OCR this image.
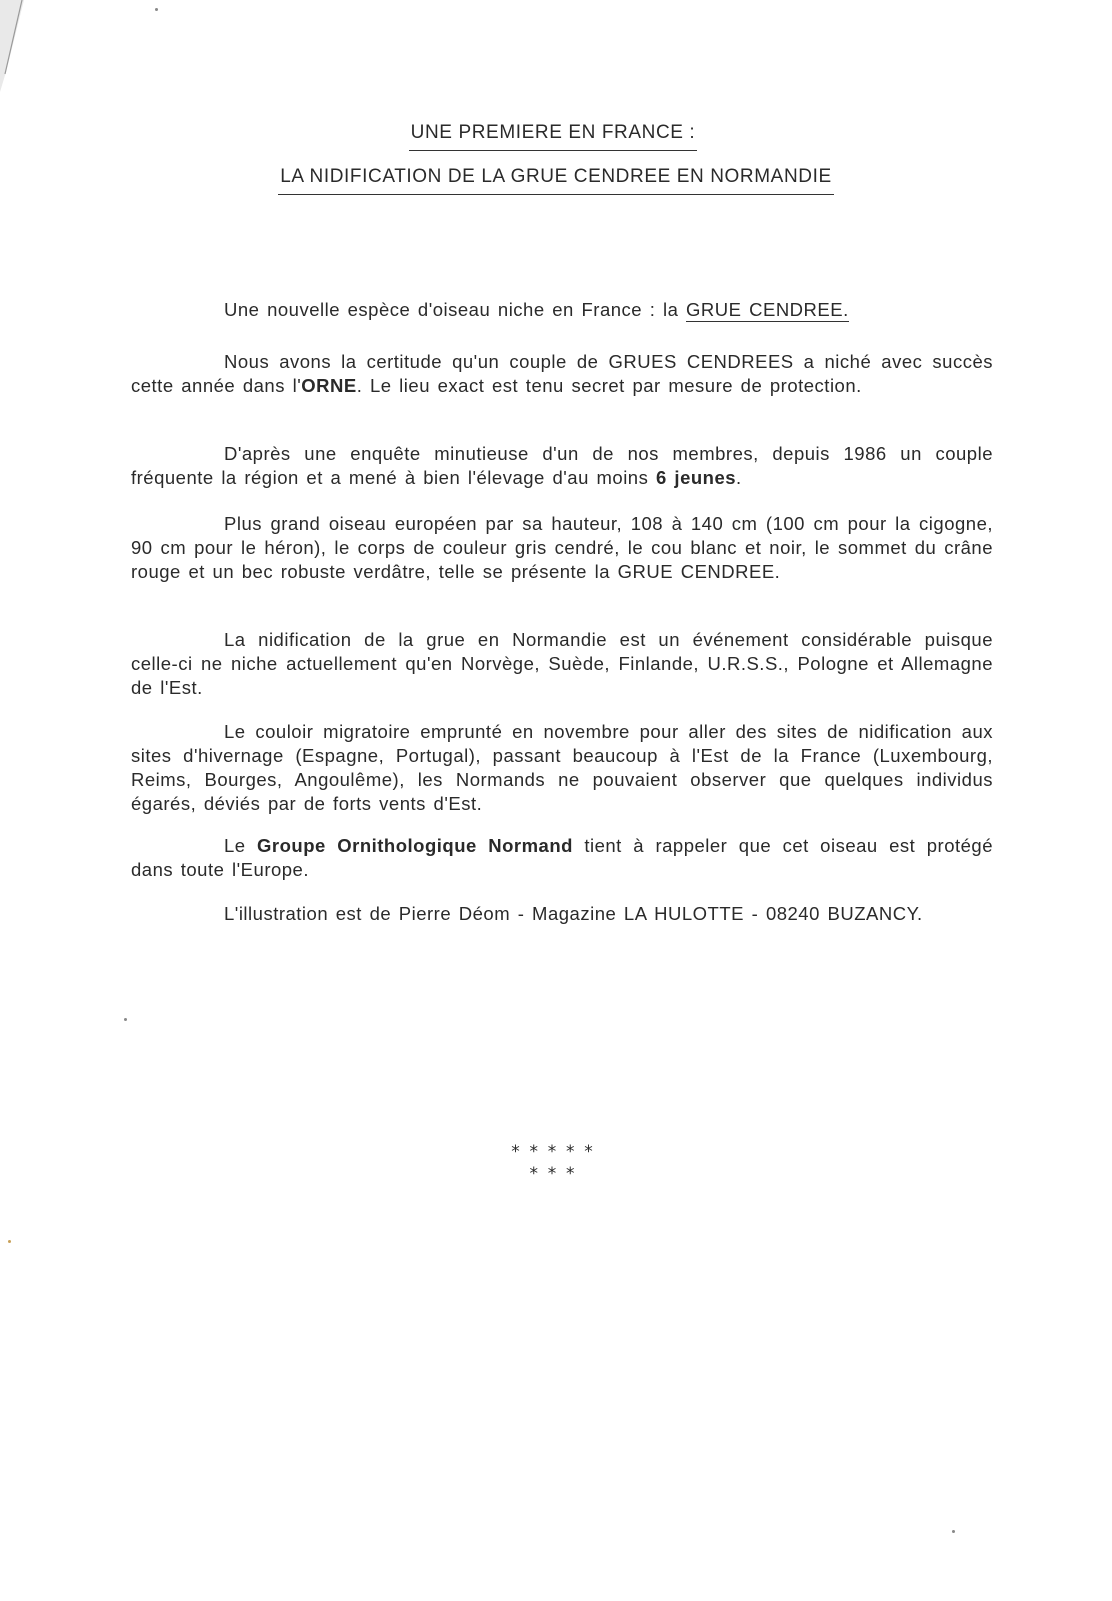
UNE PREMIERE EN FRANCE :
LA NIDIFICATION DE LA GRUE CENDREE EN NORMANDIE

Une nouvelle espèce d'oiseau niche en France : la GRUE CENDREE.

Nous avons la certitude qu'un couple de GRUES CENDREES a niché avec succès cette année dans l'ORNE. Le lieu exact est tenu secret par mesure de protection.

D'après une enquête minutieuse d'un de nos membres, depuis 1986 un couple fréquente la région et a mené à bien l'élevage d'au moins 6 jeunes.

Plus grand oiseau européen par sa hauteur, 108 à 140 cm (100 cm pour la cigogne, 90 cm pour le héron), le corps de couleur gris cendré, le cou blanc et noir, le sommet du crâne rouge et un bec robuste verdâtre, telle se présente la GRUE CENDREE.

La nidification de la grue en Normandie est un événement considérable puisque celle-ci ne niche actuellement qu'en Norvège, Suède, Finlande, U.R.S.S., Pologne et Allemagne de l'Est.

Le couloir migratoire emprunté en novembre pour aller des sites de nidification aux sites d'hivernage (Espagne, Portugal), passant beaucoup à l'Est de la France (Luxembourg, Reims, Bourges, Angoulême), les Normands ne pouvaient observer que quelques individus égarés, déviés par de forts vents d'Est.

Le Groupe Ornithologique Normand tient à rappeler que cet oiseau est protégé dans toute l'Europe.

L'illustration est de Pierre Déom - Magazine LA HULOTTE - 08240 BUZANCY.

*****
***
